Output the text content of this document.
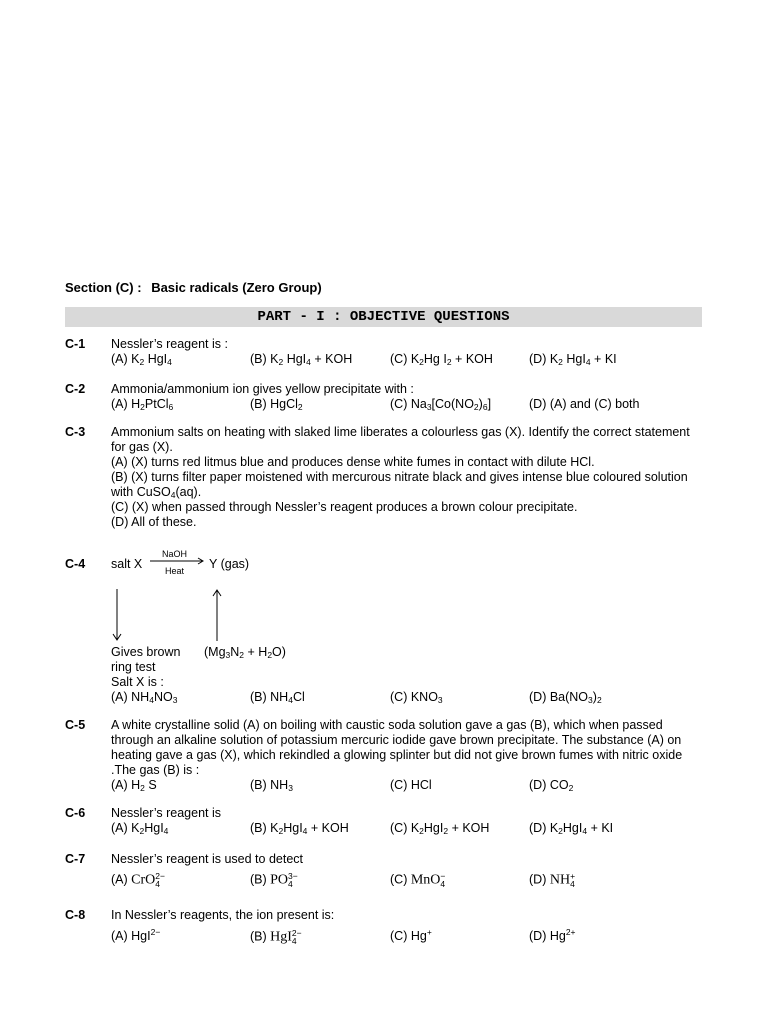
Section (C) : Basic radicals (Zero Group)
PART - I : OBJECTIVE QUESTIONS
C-1 Nessler’s reagent is :
(A) $K_2$ HgI$_4$	(B) $K_2$ HgI$_4$ + KOH	(C) $K_2Hg$ $I_2$ + KOH	(D) $K_2$ HgI$_4$ + KI
C-2 Ammonia/ammonium ion gives yellow precipitate with :
(A) $H_2PtCl_6$	(B) HgCl$_2$	(C) $Na_3[Co(NO_2)_6]$	(D) (A) and (C) both
C-3 Ammonium salts on heating with slaked lime liberates a colourless gas (X). Identify the correct statement for gas (X).
(A) (X) turns red litmus blue and produces dense white fumes in contact with dilute HCl.
(B) (X) turns filter paper moistened with mercurous nitrate black and gives intense blue coloured solution
with CuSO$_4$(aq).
(C) (X) when passed through Nessler’s reagent produces a brown colour precipitate.
(D) All of these.
C-4 salt X
NaOH
Heat Y (gas)
Gives brown $(Mg_3N_2 + H_2O)$
ring test
Salt X is :
(A) $NH_4NO_3$	(B) $NH_4Cl$	(C) $KNO_3$	(D) $Ba(NO_3)_2$
C-5 A white crystalline solid (A) on boiling with caustic soda solution gave a gas (B), which when passed through an alkaline solution of potassium mercuric iodide gave brown precipitate. The substance (A) on heating gave a gas (X), which rekindled a glowing splinter but did not give brown fumes with nitric oxide .The gas (B) is :
(A) $H_2$ S	(B) $NH_3$	(C) HCl	(D) $CO_2$
C-6 Nessler’s reagent is
(A) $K_2HgI_4$	(B) $K_2HgI_4$ + KOH	(C) $K_2HgI_2$ + KOH	(D) $K_2HgI_4$ + KI
C-7 Nessler’s reagent is used to detect
(A) CrO 2−
4	(B) PO 3−
4	(C) MnO −
4	(D) NH +
4
C-8 In Nessler’s reagents, the ion present is:
(A) HgI$^{2-}$	(B) HgI 2−
4	(C) Hg+	(D) $Hg^{2+}$
